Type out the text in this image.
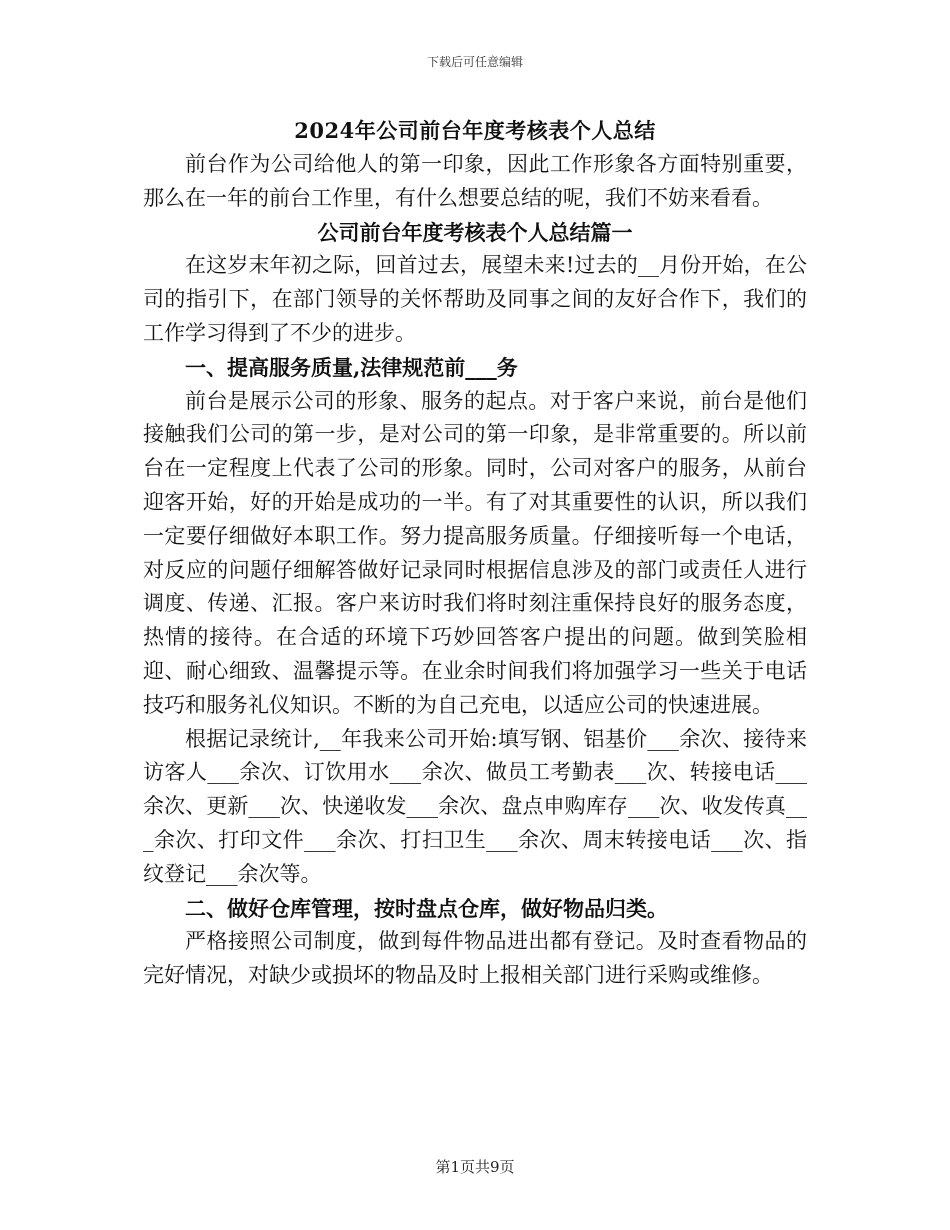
下载后可任意编辑
2024年公司前台年度考核表个人总结

前台作为公司给他人的第一印象，因此工作形象各方面特别重要，那么在一年的前台工作里，有什么想要总结的呢，我们不妨来看看。

公司前台年度考核表个人总结篇一

在这岁末年初之际，回首过去，展望未来!过去的__月份开始，在公司的指引下，在部门领导的关怀帮助及同事之间的友好合作下，我们的工作学习得到了不少的进步。

一、提高服务质量,法律规范前___务

前台是展示公司的形象、服务的起点。对于客户来说，前台是他们接触我们公司的第一步，是对公司的第一印象，是非常重要的。所以前台在一定程度上代表了公司的形象。同时，公司对客户的服务，从前台迎客开始，好的开始是成功的一半。有了对其重要性的认识，所以我们一定要仔细做好本职工作。努力提高服务质量。仔细接听每一个电话，对反应的问题仔细解答做好记录同时根据信息涉及的部门或责任人进行调度、传递、汇报。客户来访时我们将时刻注重保持良好的服务态度，热情的接待。在合适的环境下巧妙回答客户提出的问题。做到笑脸相迎、耐心细致、温馨提示等。在业余时间我们将加强学习一些关于电话技巧和服务礼仪知识。不断的为自己充电，以适应公司的快速进展。

根据记录统计,__年我来公司开始:填写钢、铝基价___余次、接待来访客人___余次、订饮用水___余次、做员工考勤表___次、转接电话___余次、更新___次、快递收发___余次、盘点申购库存___次、收发传真___余次、打印文件___余次、打扫卫生___余次、周末转接电话___次、指纹登记___余次等。

二、做好仓库管理，按时盘点仓库，做好物品归类。

严格接照公司制度，做到每件物品进出都有登记。及时查看物品的完好情况，对缺少或损坏的物品及时上报相关部门进行采购或维修。

第1页共9页
